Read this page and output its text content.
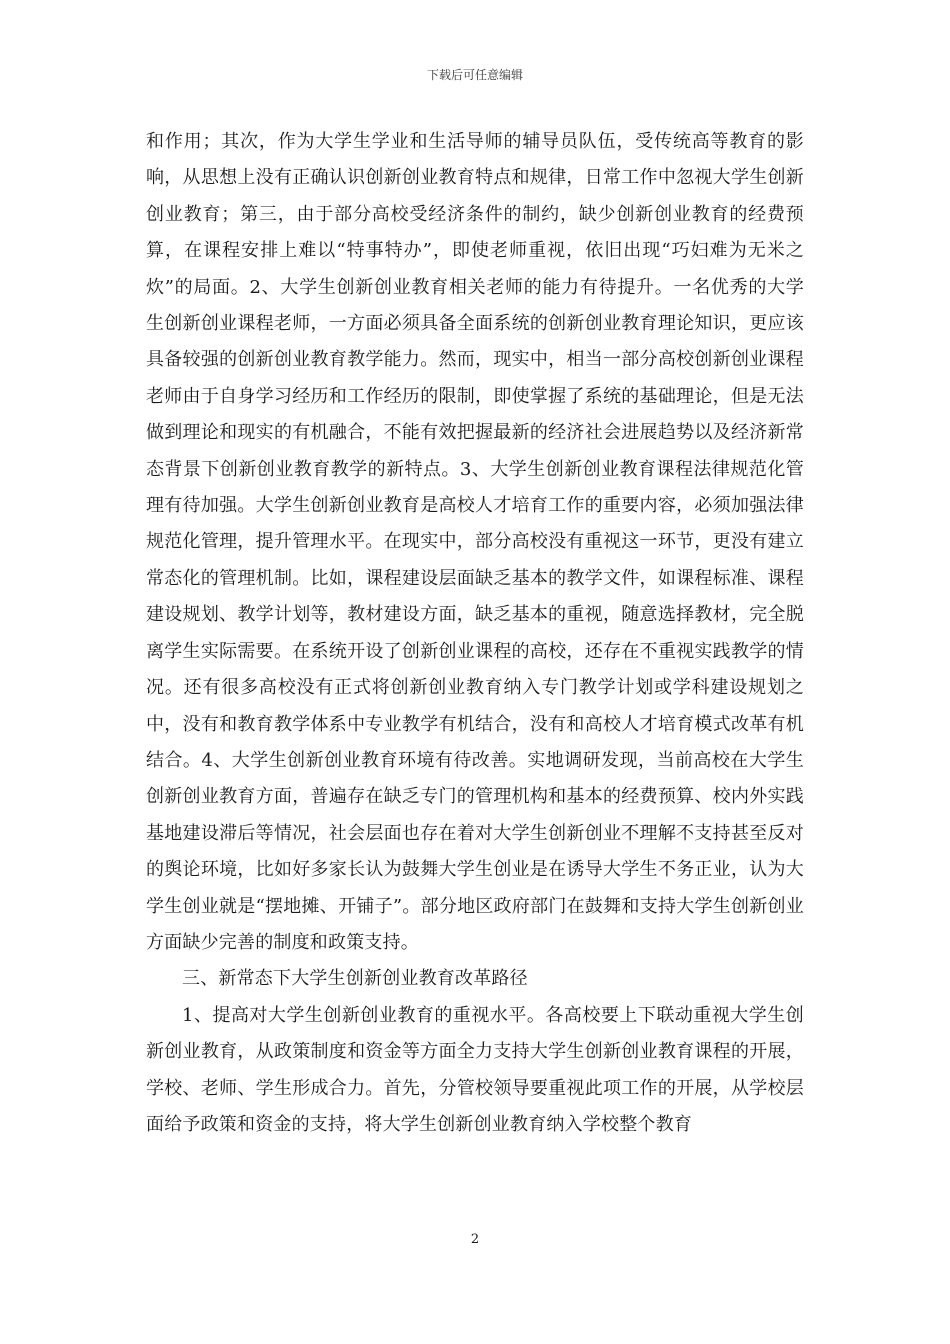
下载后可任意编辑

和作用；其次，作为大学生学业和生活导师的辅导员队伍，受传统高等教育的影响，从思想上没有正确认识创新创业教育特点和规律，日常工作中忽视大学生创新创业教育；第三，由于部分高校受经济条件的制约，缺少创新创业教育的经费预算，在课程安排上难以“特事特办”，即使老师重视，依旧出现“巧妇难为无米之炊”的局面。2、大学生创新创业教育相关老师的能力有待提升。一名优秀的大学生创新创业课程老师，一方面必须具备全面系统的创新创业教育理论知识，更应该具备较强的创新创业教育教学能力。然而，现实中，相当一部分高校创新创业课程老师由于自身学习经历和工作经历的限制，即使掌握了系统的基础理论，但是无法做到理论和现实的有机融合，不能有效把握最新的经济社会进展趋势以及经济新常态背景下创新创业教育教学的新特点。3、大学生创新创业教育课程法律规范化管理有待加强。大学生创新创业教育是高校人才培育工作的重要内容，必须加强法律规范化管理，提升管理水平。在现实中，部分高校没有重视这一环节，更没有建立常态化的管理机制。比如，课程建设层面缺乏基本的教学文件，如课程标准、课程建设规划、教学计划等，教材建设方面，缺乏基本的重视，随意选择教材，完全脱离学生实际需要。在系统开设了创新创业课程的高校，还存在不重视实践教学的情况。还有很多高校没有正式将创新创业教育纳入专门教学计划或学科建设规划之中，没有和教育教学体系中专业教学有机结合，没有和高校人才培育模式改革有机结合。4、大学生创新创业教育环境有待改善。实地调研发现，当前高校在大学生创新创业教育方面，普遍存在缺乏专门的管理机构和基本的经费预算、校内外实践基地建设滞后等情况，社会层面也存在着对大学生创新创业不理解不支持甚至反对的舆论环境，比如好多家长认为鼓舞大学生创业是在诱导大学生不务正业，认为大学生创业就是“摆地摊、开铺子”。部分地区政府部门在鼓舞和支持大学生创新创业方面缺少完善的制度和政策支持。

三、新常态下大学生创新创业教育改革路径

1、提高对大学生创新创业教育的重视水平。各高校要上下联动重视大学生创新创业教育，从政策制度和资金等方面全力支持大学生创新创业教育课程的开展，学校、老师、学生形成合力。首先，分管校领导要重视此项工作的开展，从学校层面给予政策和资金的支持，将大学生创新创业教育纳入学校整个教育

2
